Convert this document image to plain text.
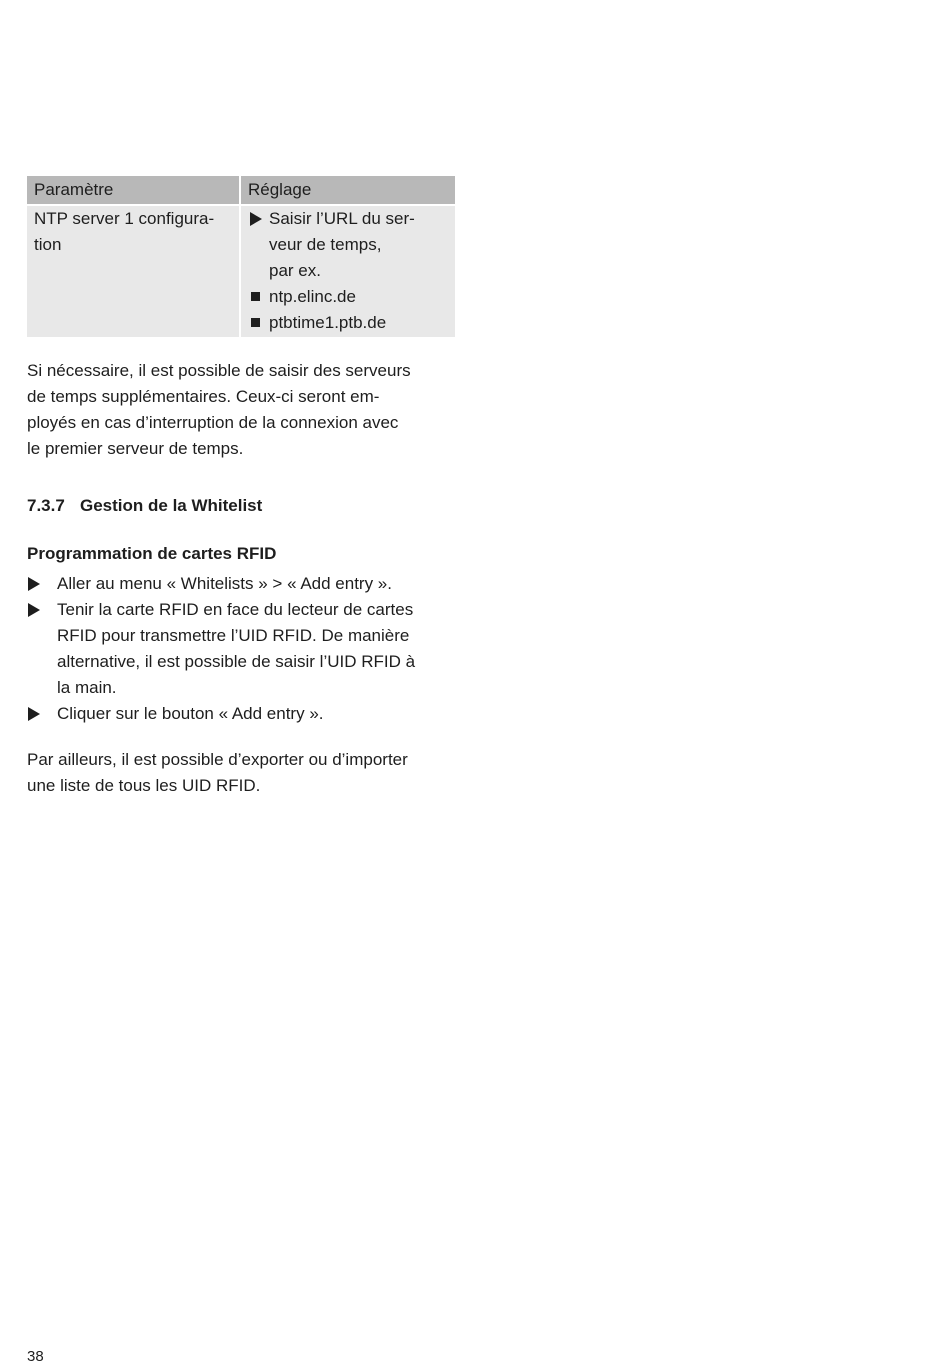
Paramètre	Réglage
NTP server 1 configura-
tion
Saisir l’URL du ser-
veur de temps,
par ex.
ntp.elinc.de
ptbtime1.ptb.de

Si nécessaire, il est possible de saisir des serveurs
de temps supplémentaires. Ceux-ci seront em-
ployés en cas d’interruption de la connexion avec
le premier serveur de temps.

7.3.7 Gestion de la Whitelist
Programmation de cartes RFID
Aller au menu « Whitelists » > « Add entry ».
Tenir la carte RFID en face du lecteur de cartes
RFID pour transmettre l’UID RFID. De manière
alternative, il est possible de saisir l’UID RFID à
la main.
Cliquer sur le bouton « Add entry ».

Par ailleurs, il est possible d’exporter ou d’importer
une liste de tous les UID RFID.

38
